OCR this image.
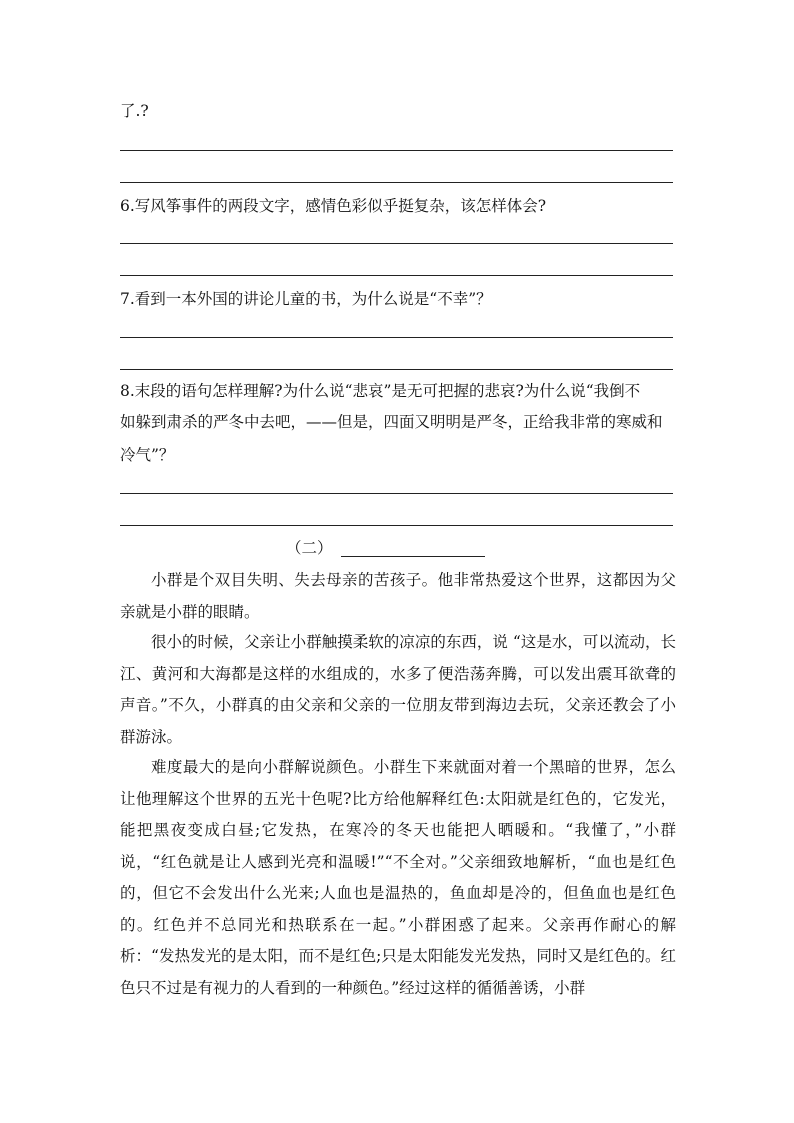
了.?
6.写风筝事件的两段文字，感情色彩似乎挺复杂，该怎样体会?
7.看到一本外国的讲论儿童的书，为什么说是“不幸”？
8.末段的语句怎样理解?为什么说“悲哀”是无可把握的悲哀?为什么说“我倒不
如躲到肃杀的严冬中去吧，——但是，四面又明明是严冬，正给我非常的寒威和
冷气”？
（二）
小群是个双目失明、失去母亲的苦孩子。他非常热爱这个世界，这都因为父亲就是小群的眼睛。
很小的时候，父亲让小群触摸柔软的凉凉的东西，说 “这是水，可以流动，长江、黄河和大海都是这样的水组成的，水多了便浩荡奔腾，可以发出震耳欲聋的声音。”不久，小群真的由父亲和父亲的一位朋友带到海边去玩，父亲还教会了小群游泳。
难度最大的是向小群解说颜色。小群生下来就面对着一个黑暗的世界，怎么让他理解这个世界的五光十色呢?比方给他解释红色:太阳就是红色的，它发光，能把黑夜变成白昼;它发热，在寒冷的冬天也能把人晒暖和。“我懂了，”小群说，“红色就是让人感到光亮和温暖!”“不全对。”父亲细致地解析，“血也是红色的，但它不会发出什么光来;人血也是温热的，鱼血却是冷的，但鱼血也是红色的。红色并不总同光和热联系在一起。”小群困惑了起来。父亲再作耐心的解析：“发热发光的是太阳，而不是红色;只是太阳能发光发热，同时又是红色的。红色只不过是有视力的人看到的一种颜色。”经过这样的循循善诱，小群
